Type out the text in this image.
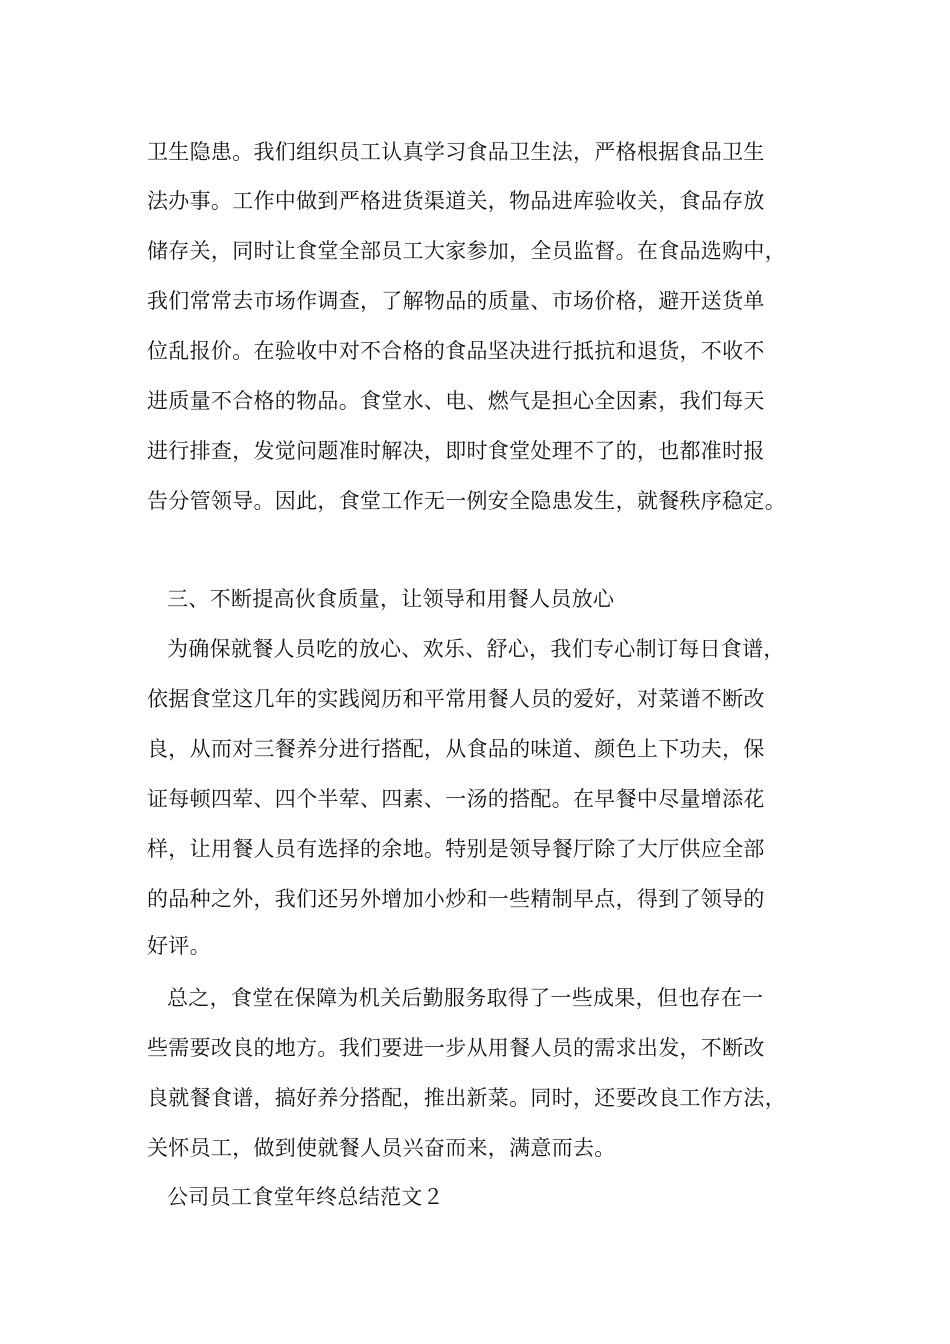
卫生隐患。我们组织员工认真学习食品卫生法，严格根据食品卫生
法办事。工作中做到严格进货渠道关，物品进库验收关，食品存放
储存关，同时让食堂全部员工大家参加，全员监督。在食品选购中，
我们常常去市场作调查，了解物品的质量、市场价格，避开送货单
位乱报价。在验收中对不合格的食品坚决进行抵抗和退货，不收不
进质量不合格的物品。食堂水、电、燃气是担心全因素，我们每天
进行排查，发觉问题准时解决，即时食堂处理不了的，也都准时报
告分管领导。因此，食堂工作无一例安全隐患发生，就餐秩序稳定。
三、不断提高伙食质量，让领导和用餐人员放心
为确保就餐人员吃的放心、欢乐、舒心，我们专心制订每日食谱，
依据食堂这几年的实践阅历和平常用餐人员的爱好，对菜谱不断改
良，从而对三餐养分进行搭配，从食品的味道、颜色上下功夫，保
证每顿四荤、四个半荤、四素、一汤的搭配。在早餐中尽量增添花
样，让用餐人员有选择的余地。特别是领导餐厅除了大厅供应全部
的品种之外，我们还另外增加小炒和一些精制早点，得到了领导的
好评。
总之，食堂在保障为机关后勤服务取得了一些成果，但也存在一
些需要改良的地方。我们要进一步从用餐人员的需求出发，不断改
良就餐食谱，搞好养分搭配，推出新菜。同时，还要改良工作方法，
关怀员工，做到使就餐人员兴奋而来，满意而去。
公司员工食堂年终总结范文２
